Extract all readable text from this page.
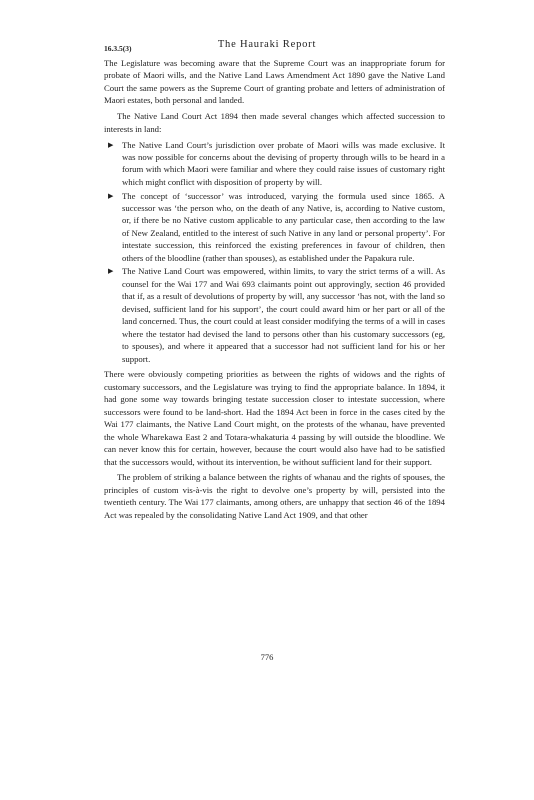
The Hauraki Report
16.3.5(3)

The Legislature was becoming aware that the Supreme Court was an inappropriate forum for probate of Maori wills, and the Native Land Laws Amendment Act 1890 gave the Native Land Court the same powers as the Supreme Court of granting probate and letters of administration of Maori estates, both personal and landed.

The Native Land Court Act 1894 then made several changes which affected succession to interests in land:

▶ The Native Land Court’s jurisdiction over probate of Maori wills was made exclusive. It was now possible for concerns about the devising of property through wills to be heard in a forum with which Maori were familiar and where they could raise issues of customary right which might conflict with disposition of property by will.
▶ The concept of ‘successor’ was introduced, varying the formula used since 1865. A successor was ‘the person who, on the death of any Native, is, according to Native custom, or, if there be no Native custom applicable to any particular case, then according to the law of New Zealand, entitled to the interest of such Native in any land or personal property’. For intestate succession, this reinforced the existing preferences in favour of children, then others of the bloodline (rather than spouses), as established under the Papakura rule.
▶ The Native Land Court was empowered, within limits, to vary the strict terms of a will. As counsel for the Wai 177 and Wai 693 claimants point out approvingly, section 46 provided that if, as a result of devolutions of property by will, any successor ‘has not, with the land so devised, sufficient land for his support’, the court could award him or her part or all of the land concerned. Thus, the court could at least consider modifying the terms of a will in cases where the testator had devised the land to persons other than his customary successors (eg, to spouses), and where it appeared that a successor had not sufficient land for his or her support.

There were obviously competing priorities as between the rights of widows and the rights of customary successors, and the Legislature was trying to find the appropriate balance. In 1894, it had gone some way towards bringing testate succession closer to intestate succession, where successors were found to be land-short. Had the 1894 Act been in force in the cases cited by the Wai 177 claimants, the Native Land Court might, on the protests of the whanau, have prevented the whole Wharekawa East 2 and Totara-whakaturia 4 passing by will outside the bloodline. We can never know this for certain, however, because the court would also have had to be satisfied that the successors would, without its intervention, be without sufficient land for their support.

The problem of striking a balance between the rights of whanau and the rights of spouses, the principles of custom vis-à-vis the right to devolve one’s property by will, persisted into the twentieth century. The Wai 177 claimants, among others, are unhappy that section 46 of the 1894 Act was repealed by the consolidating Native Land Act 1909, and that other

776
